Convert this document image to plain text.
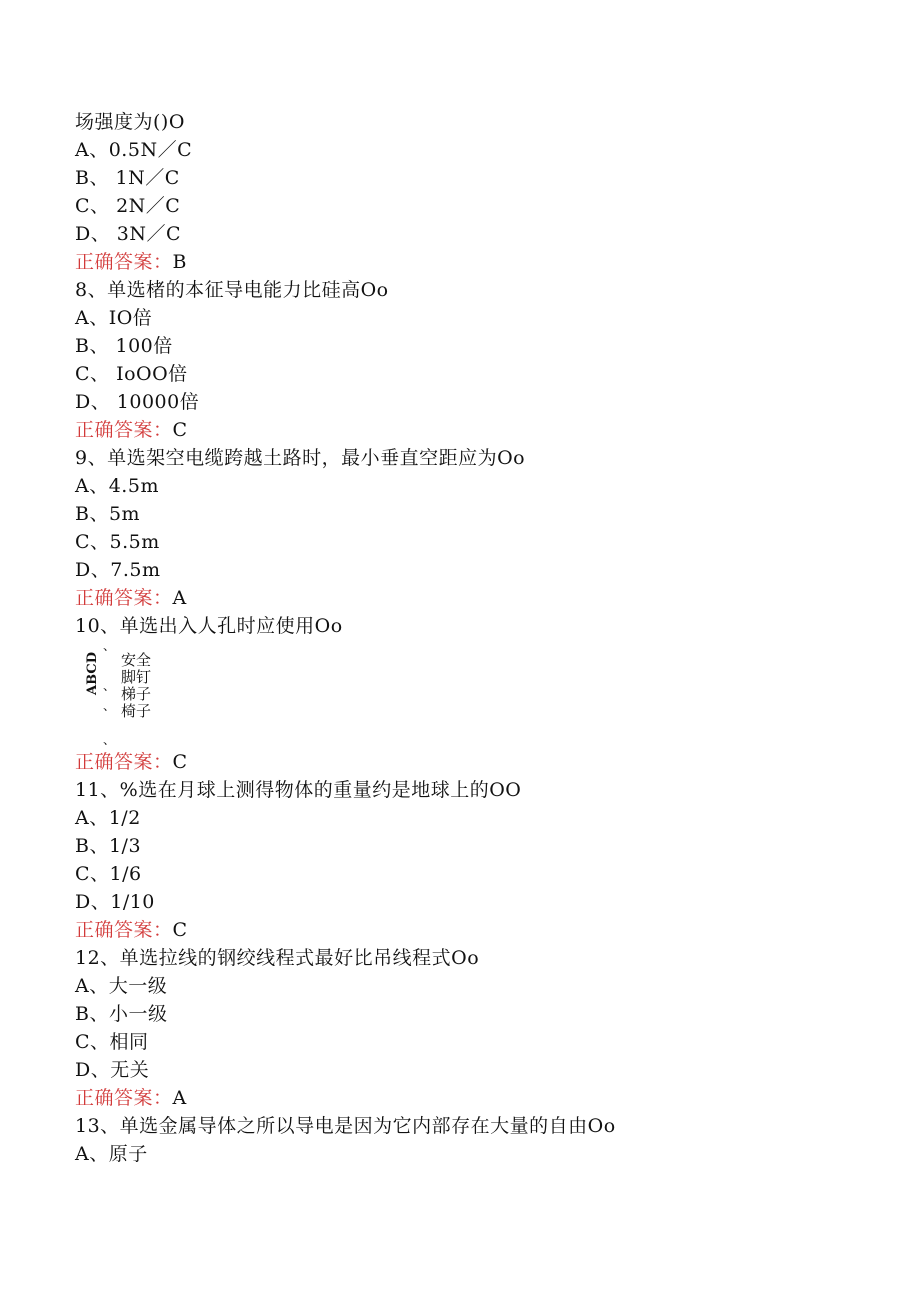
场强度为()O
A、0.5N／C
B、 1N／C
C、 2N／C
D、 3N／C
正确答案：B
8、单选楮的本征导电能力比硅高Oo
A、IO倍
B、 100倍
C、 IoOO倍
D、 10000倍
正确答案：C
9、单选架空电缆跨越土路时，最小垂直空距应为Oo
A、4.5m
B、5m
C、5.5m
D、7.5m
正确答案：A
10、单选出入人孔时应使用Oo
、
ABCD 、
、
、
安全
脚钉
梯子
椅子
正确答案：C
11、%选在月球上测得物体的重量约是地球上的OO
A、1/2
B、1/3
C、1/6
D、1/10
正确答案：C
12、单选拉线的钢绞线程式最好比吊线程式Oo
A、大一级
B、小一级
C、相同
D、无关
正确答案：A
13、单选金属导体之所以导电是因为它内部存在大量的自由Oo
A、原子
